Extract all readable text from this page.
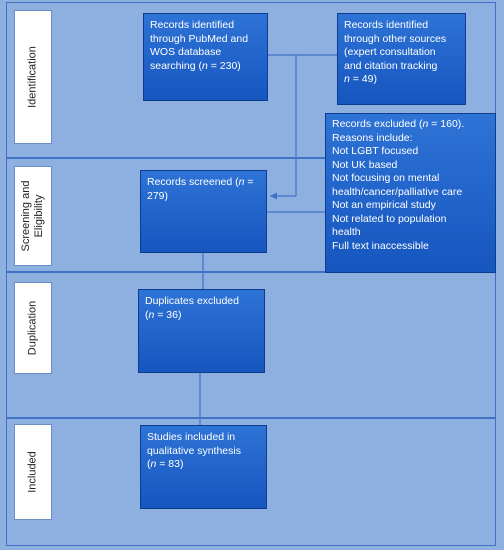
Identification
Screening and Eligibility
Duplication
Included
Records identified
through PubMed and
WOS database
searching (n = 230)
Records identified
through other sources
(expert consultation
and citation tracking
n = 49)
Records excluded (n = 160).
Reasons include:
Not LGBT focused
Not UK based
Not focusing on mental
health/cancer/palliative care
Not an empirical study
Not related to population
health
Full text inaccessible
Records screened (n =
279)
Duplicates excluded
(n = 36)
Studies included in
qualitative synthesis
(n = 83)
